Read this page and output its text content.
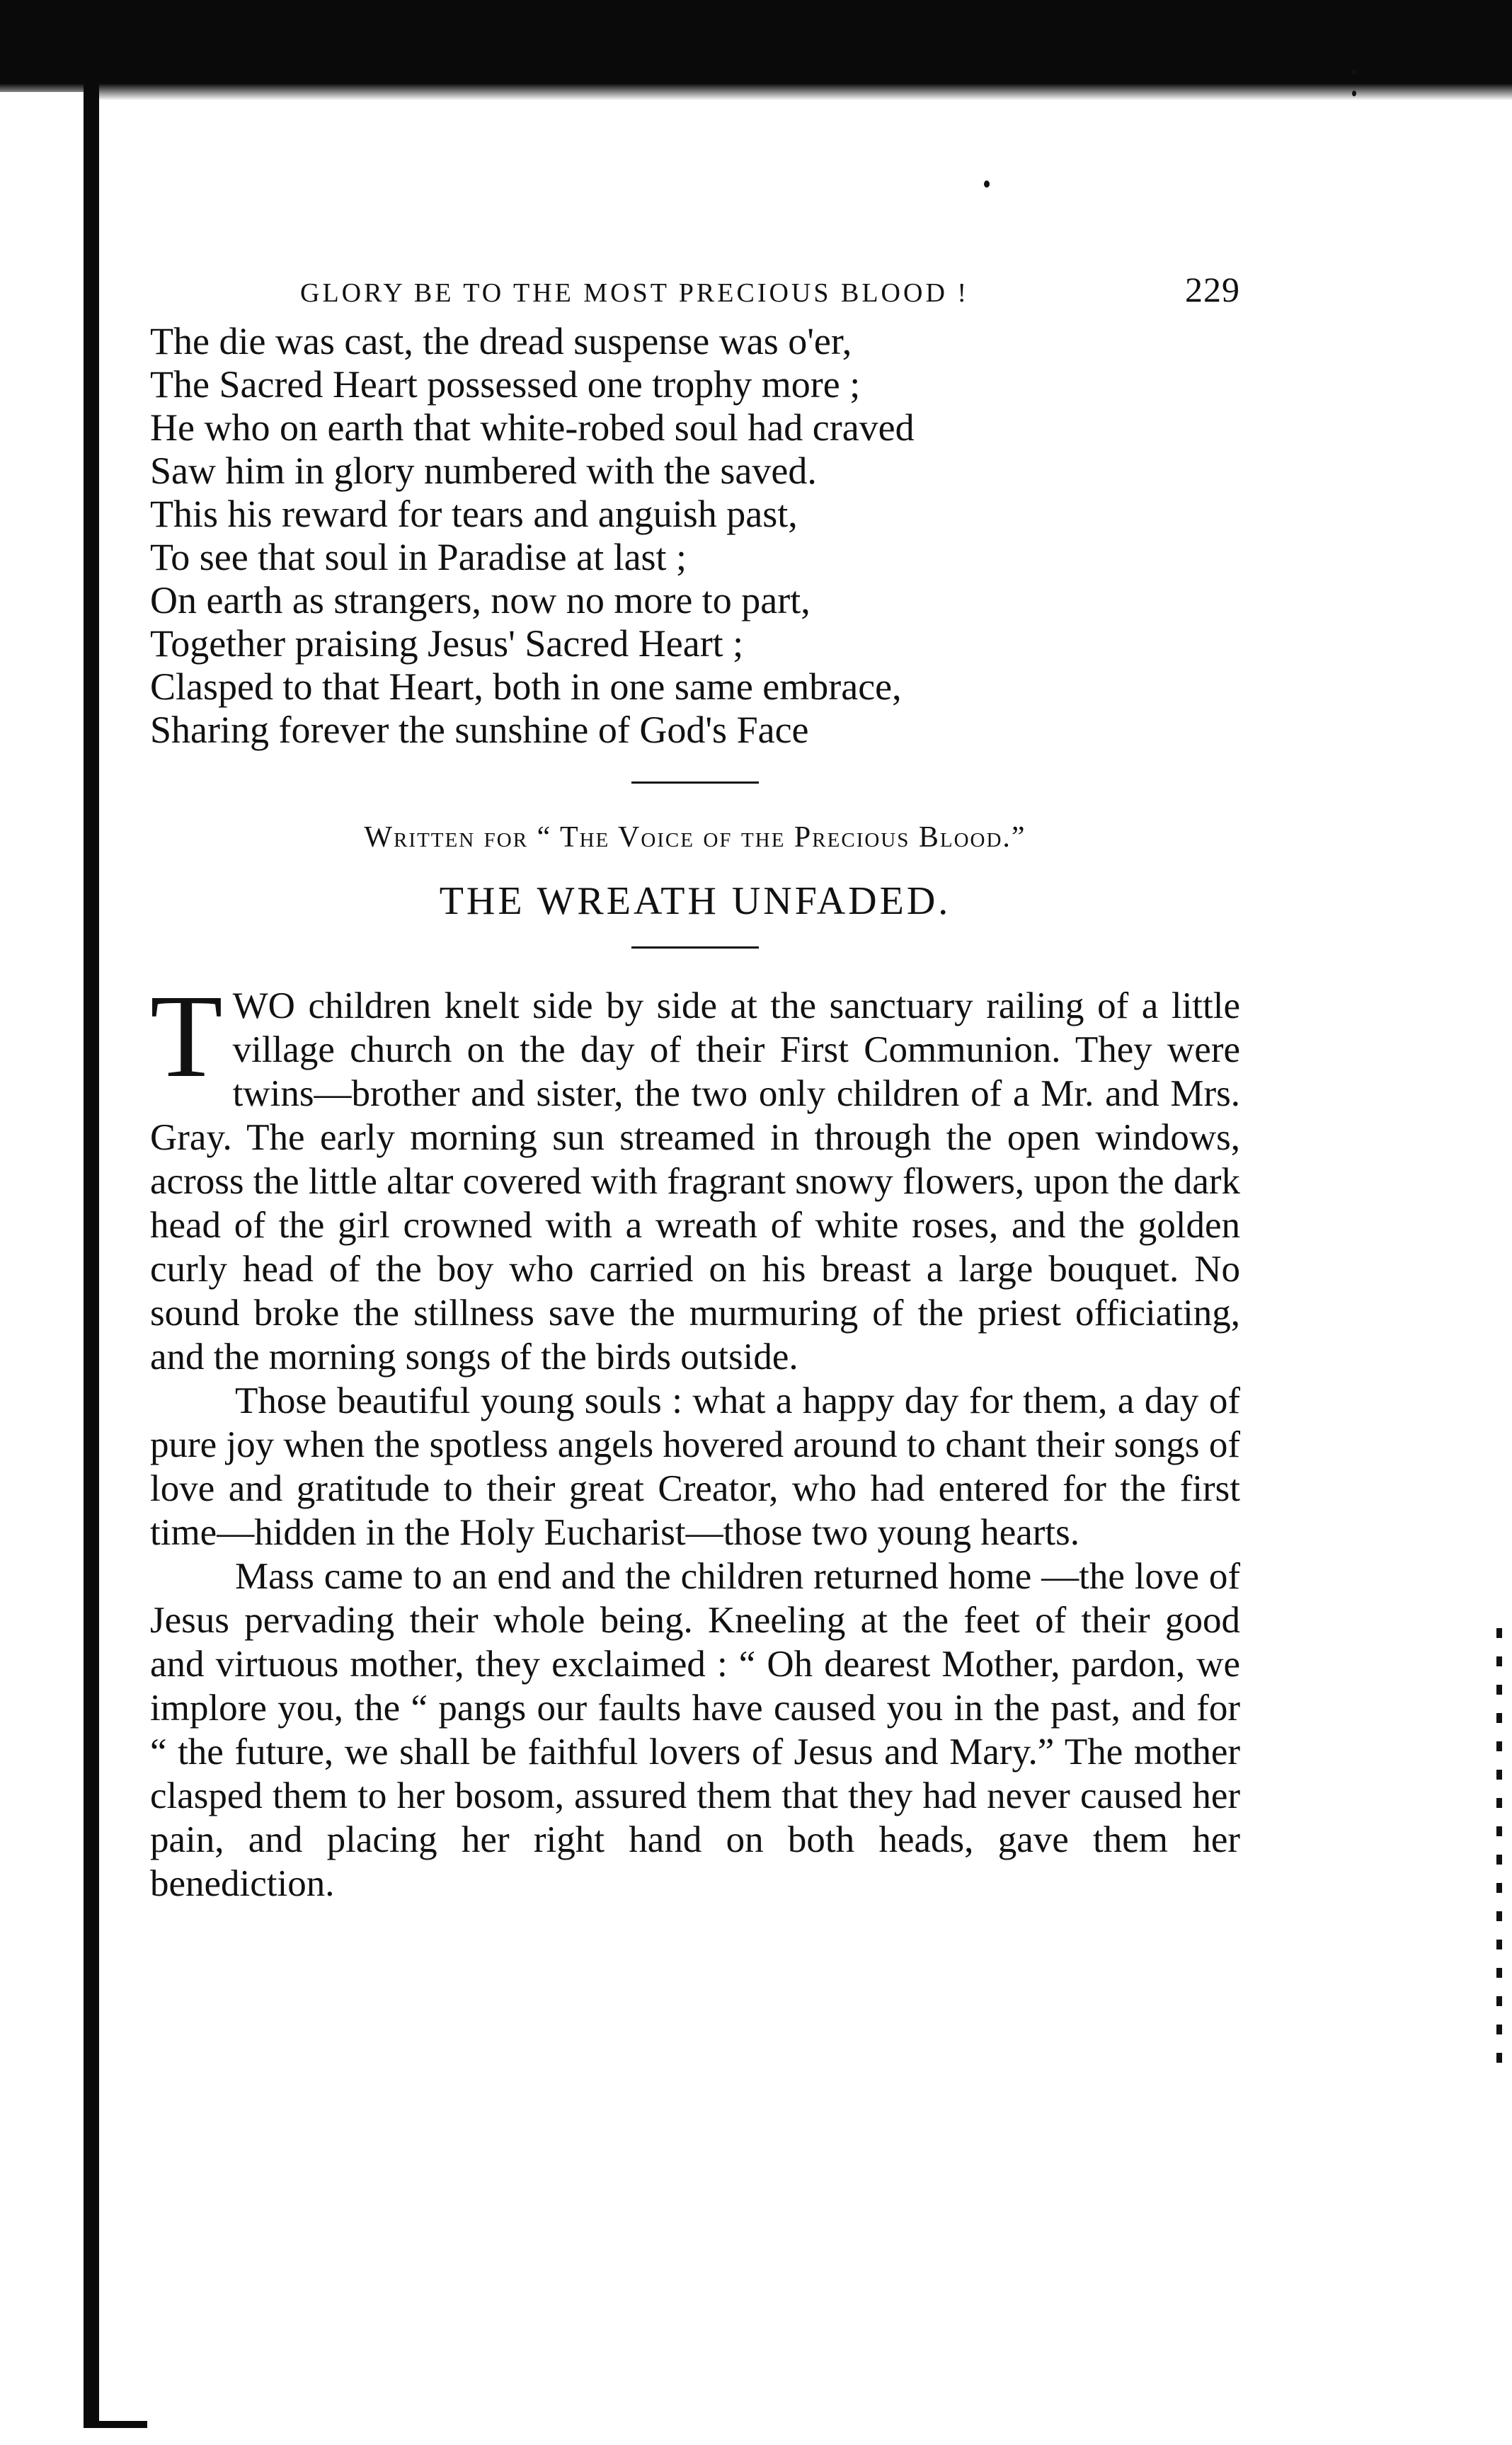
GLORY BE TO THE MOST PRECIOUS BLOOD !	229
The die was cast, the dread suspense was o'er,
The Sacred Heart possessed one trophy more ;
He who on earth that white-robed soul had craved
Saw him in glory numbered with the saved.
This his reward for tears and anguish past,
To see that soul in Paradise at last ;
On earth as strangers, now no more to part,
Together praising Jesus' Sacred Heart ;
Clasped to that Heart, both in one same embrace,
Sharing forever the sunshine of God's Face

Written for “ The Voice of the Precious Blood.”

THE WREATH UNFADED.

TWO children knelt side by side at the sanctuary railing of a little village church on the day of their First Communion. They were twins—brother and sister, the two only children of a Mr. and Mrs. Gray. The early morning sun streamed in through the open windows, across the little altar covered with fragrant snowy flowers, upon the dark head of the girl crowned with a wreath of white roses, and the golden curly head of the boy who carried on his breast a large bouquet. No sound broke the stillness save the murmuring of the priest officiating, and the morning songs of the birds outside.

Those beautiful young souls : what a happy day for them, a day of pure joy when the spotless angels hovered around to chant their songs of love and gratitude to their great Creator, who had entered for the first time—hidden in the Holy Eucharist—those two young hearts.

Mass came to an end and the children returned home —the love of Jesus pervading their whole being. Kneeling at the feet of their good and virtuous mother, they exclaimed : “ Oh dearest Mother, pardon, we implore you, the “ pangs our faults have caused you in the past, and for “ the future, we shall be faithful lovers of Jesus and Mary.” The mother clasped them to her bosom, assured them that they had never caused her pain, and placing her right hand on both heads, gave them her benediction.
